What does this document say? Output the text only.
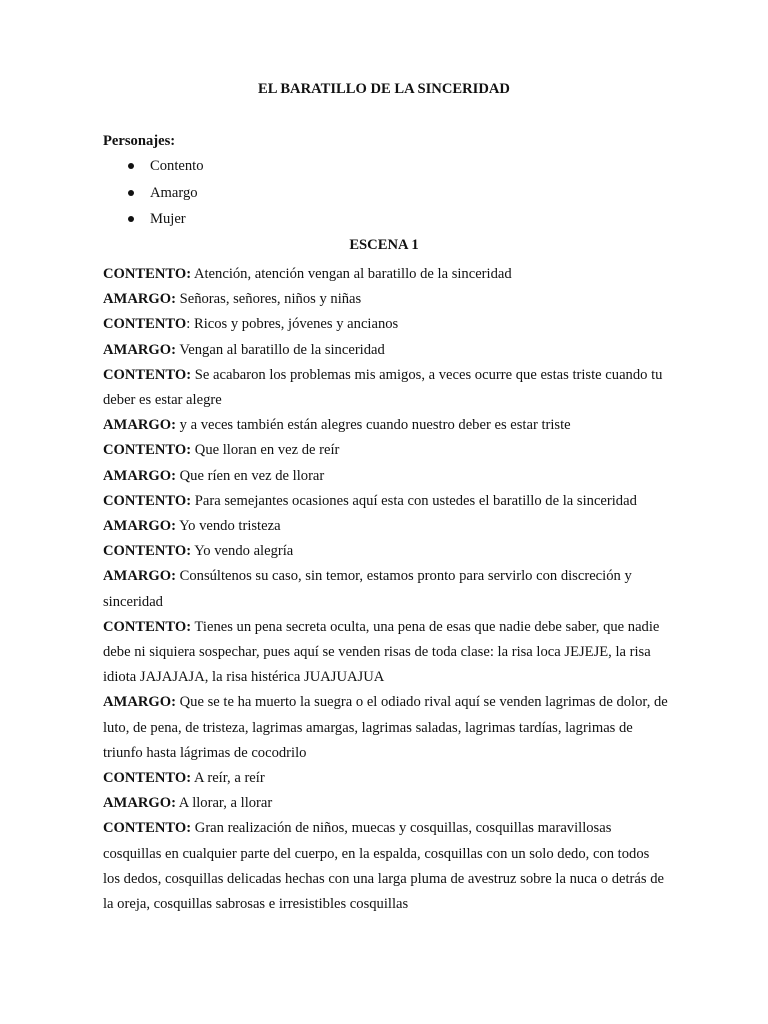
EL BARATILLO DE LA SINCERIDAD
Personajes:
Contento
Amargo
Mujer
ESCENA 1

CONTENTO: Atención, atención vengan al baratillo de la sinceridad

AMARGO: Señoras, señores, niños y niñas

CONTENTO: Ricos y pobres, jóvenes y ancianos

AMARGO: Vengan al baratillo de la sinceridad

CONTENTO: Se acabaron los problemas mis amigos, a veces ocurre que estas triste cuando tu deber es estar alegre

AMARGO: y a veces también están alegres cuando nuestro deber es estar triste

CONTENTO: Que lloran en vez de reír

AMARGO: Que ríen en vez de llorar

CONTENTO: Para semejantes ocasiones aquí esta con ustedes el baratillo de la sinceridad

AMARGO: Yo vendo tristeza

CONTENTO: Yo vendo alegría

AMARGO: Consúltenos su caso, sin temor, estamos pronto para servirlo con discreción y sinceridad

CONTENTO: Tienes un pena secreta oculta, una pena de esas que nadie debe saber, que nadie debe ni siquiera sospechar, pues aquí se venden risas de toda clase: la risa loca JEJEJE, la risa idiota JAJAJAJA, la risa histérica JUAJUAJUA

AMARGO: Que se te ha muerto la suegra o el odiado rival aquí se venden lagrimas de dolor, de luto, de pena, de tristeza, lagrimas amargas, lagrimas saladas, lagrimas tardías, lagrimas de triunfo hasta lágrimas de cocodrilo

CONTENTO: A reír, a reír

AMARGO: A llorar, a llorar

CONTENTO: Gran realización de niños, muecas y cosquillas, cosquillas maravillosas cosquillas en cualquier parte del cuerpo, en la espalda, cosquillas con un solo dedo, con todos los dedos, cosquillas delicadas hechas con una larga pluma de avestruz sobre la nuca o detrás de la oreja, cosquillas sabrosas e irresistibles cosquillas
